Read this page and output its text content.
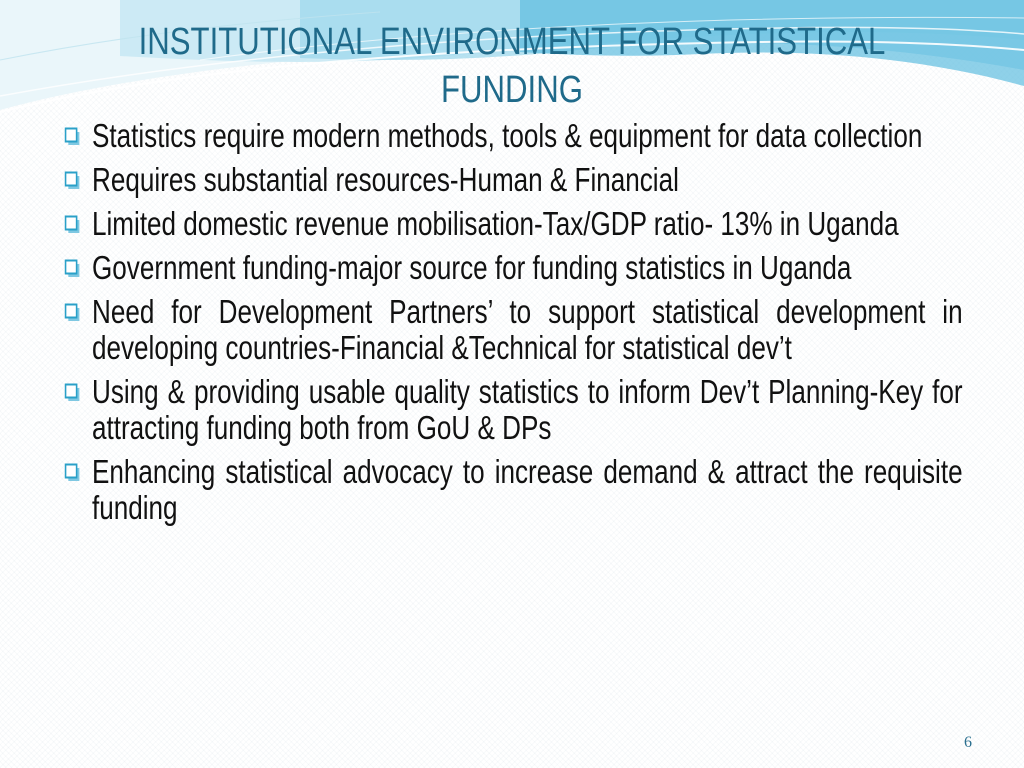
INSTITUTIONAL ENVIRONMENT FOR STATISTICAL
FUNDING
Statistics require modern methods, tools & equipment for data collection
Requires substantial resources-Human & Financial
Limited domestic revenue mobilisation-Tax/GDP ratio- 13% in Uganda
Government funding-major source for funding statistics in Uganda
Need for Development Partners’ to support statistical development in developing countries-Financial &Technical for statistical dev’t
Using & providing usable quality statistics to inform Dev’t Planning-Key for attracting funding both from GoU & DPs
Enhancing statistical advocacy to increase demand & attract the requisite funding
6
